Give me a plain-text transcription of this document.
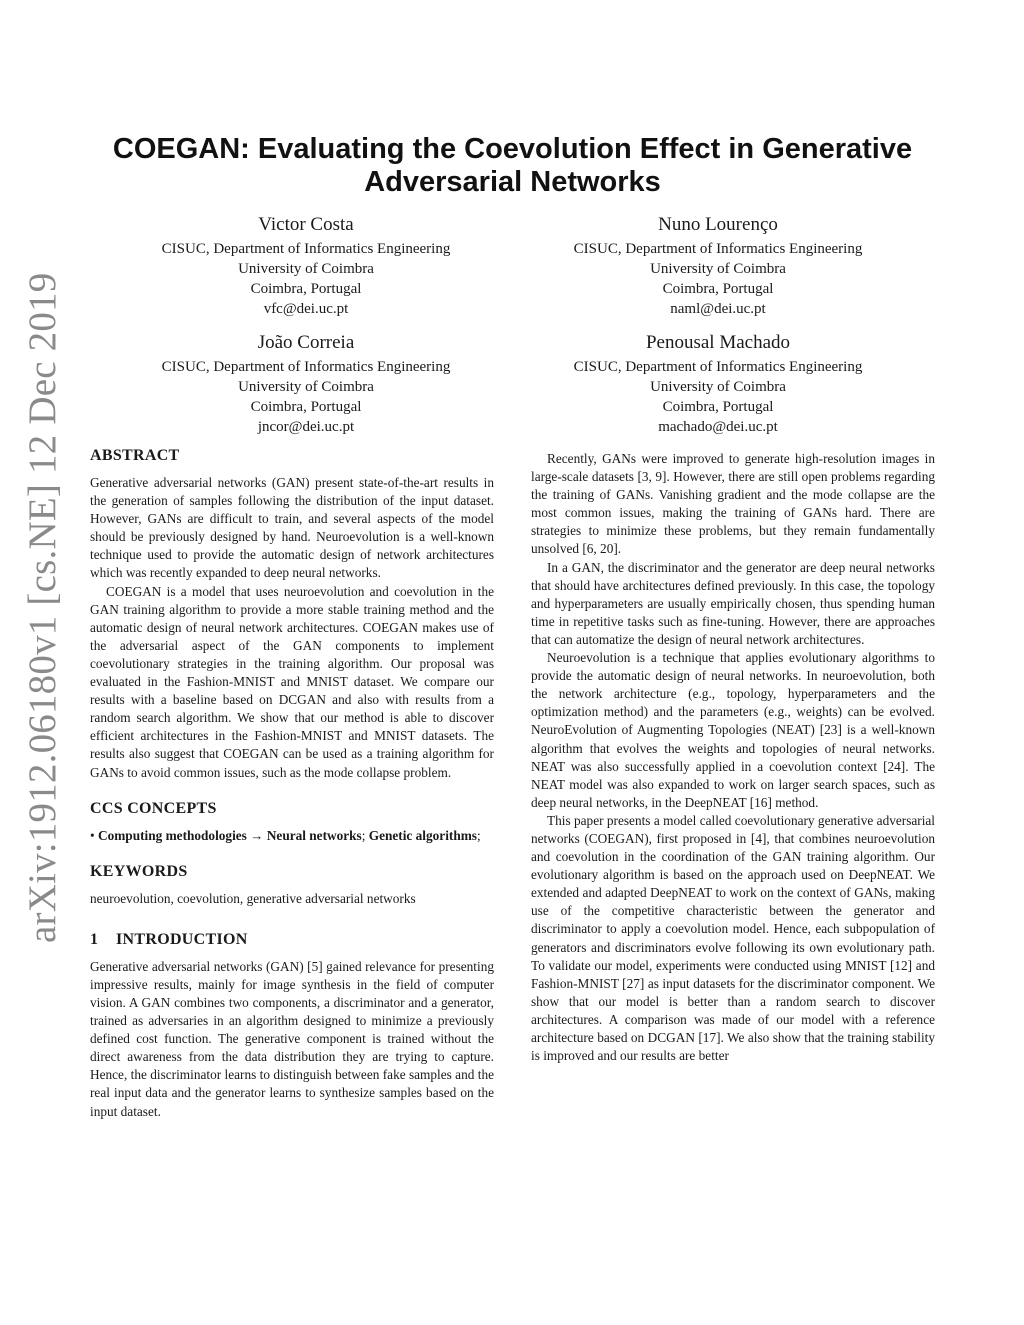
arXiv:1912.06180v1 [cs.NE] 12 Dec 2019
COEGAN: Evaluating the Coevolution Effect in Generative
Adversarial Networks
Victor Costa
CISUC, Department of Informatics Engineering
University of Coimbra
Coimbra, Portugal
vfc@dei.uc.pt
Nuno Lourenço
CISUC, Department of Informatics Engineering
University of Coimbra
Coimbra, Portugal
naml@dei.uc.pt
João Correia
CISUC, Department of Informatics Engineering
University of Coimbra
Coimbra, Portugal
jncor@dei.uc.pt
Penousal Machado
CISUC, Department of Informatics Engineering
University of Coimbra
Coimbra, Portugal
machado@dei.uc.pt
ABSTRACT

Generative adversarial networks (GAN) present state-of-the-art results in the generation of samples following the distribution of the input dataset. However, GANs are difficult to train, and several aspects of the model should be previously designed by hand. Neuroevolution is a well-known technique used to provide the automatic design of network architectures which was recently expanded to deep neural networks.

COEGAN is a model that uses neuroevolution and coevolution in the GAN training algorithm to provide a more stable training method and the automatic design of neural network architectures. COEGAN makes use of the adversarial aspect of the GAN components to implement coevolutionary strategies in the training algorithm. Our proposal was evaluated in the Fashion-MNIST and MNIST dataset. We compare our results with a baseline based on DCGAN and also with results from a random search algorithm. We show that our method is able to discover efficient architectures in the Fashion-MNIST and MNIST datasets. The results also suggest that COEGAN can be used as a training algorithm for GANs to avoid common issues, such as the mode collapse problem.

CCS CONCEPTS

• Computing methodologies → Neural networks; Genetic algorithms;

KEYWORDS

neuroevolution, coevolution, generative adversarial networks

1 INTRODUCTION

Generative adversarial networks (GAN) [5] gained relevance for presenting impressive results, mainly for image synthesis in the field of computer vision. A GAN combines two components, a discriminator and a generator, trained as adversaries in an algorithm designed to minimize a previously defined cost function. The generative component is trained without the direct awareness from the data distribution they are trying to capture. Hence, the discriminator learns to distinguish between fake samples and the real input data and the generator learns to synthesize samples based on the input dataset.

Recently, GANs were improved to generate high-resolution images in large-scale datasets [3, 9]. However, there are still open problems regarding the training of GANs. Vanishing gradient and the mode collapse are the most common issues, making the training of GANs hard. There are strategies to minimize these problems, but they remain fundamentally unsolved [6, 20].

In a GAN, the discriminator and the generator are deep neural networks that should have architectures defined previously. In this case, the topology and hyperparameters are usually empirically chosen, thus spending human time in repetitive tasks such as fine-tuning. However, there are approaches that can automatize the design of neural network architectures.

Neuroevolution is a technique that applies evolutionary algorithms to provide the automatic design of neural networks. In neuroevolution, both the network architecture (e.g., topology, hyperparameters and the optimization method) and the parameters (e.g., weights) can be evolved. NeuroEvolution of Augmenting Topologies (NEAT) [23] is a well-known algorithm that evolves the weights and topologies of neural networks. NEAT was also successfully applied in a coevolution context [24]. The NEAT model was also expanded to work on larger search spaces, such as deep neural networks, in the DeepNEAT [16] method.

This paper presents a model called coevolutionary generative adversarial networks (COEGAN), first proposed in [4], that combines neuroevolution and coevolution in the coordination of the GAN training algorithm. Our evolutionary algorithm is based on the approach used on DeepNEAT. We extended and adapted DeepNEAT to work on the context of GANs, making use of the competitive characteristic between the generator and discriminator to apply a coevolution model. Hence, each subpopulation of generators and discriminators evolve following its own evolutionary path. To validate our model, experiments were conducted using MNIST [12] and Fashion-MNIST [27] as input datasets for the discriminator component. We show that our model is better than a random search to discover architectures. A comparison was made of our model with a reference architecture based on DCGAN [17]. We also show that the training stability is improved and our results are better
